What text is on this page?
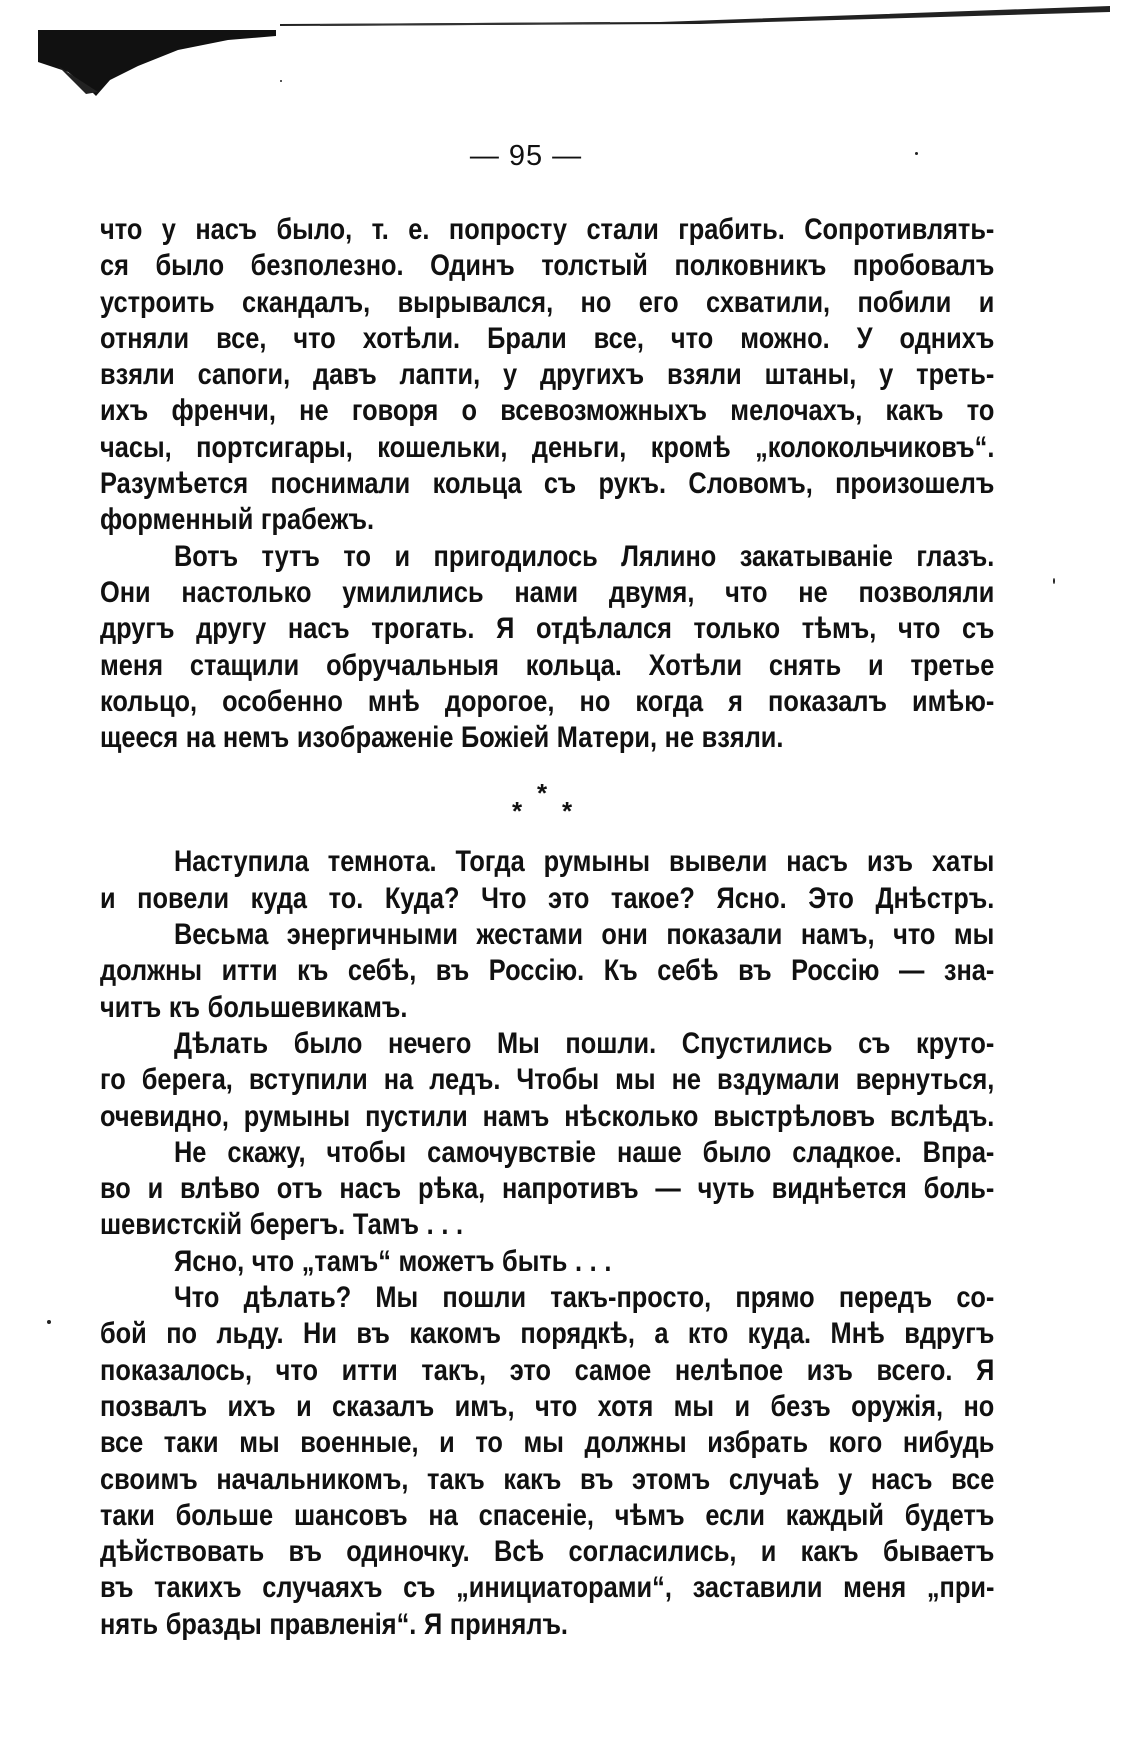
— 95 —
что у насъ было, т. е. попросту стали грабить. Сопротивлять-
ся было безполезно. Одинъ толстый полковникъ пробовалъ
устроить скандалъ, вырывался, но его схватили, побили и
отняли все, что хотѣли. Брали все, что можно. У однихъ
взяли сапоги, давъ лапти, у другихъ взяли штаны, у треть-
ихъ френчи, не говоря о всевозможныхъ мелочахъ, какъ то
часы, портсигары, кошельки, деньги, кромѣ „колокольчиковъ“.
Разумѣется поснимали кольца съ рукъ. Словомъ, произошелъ
форменный грабежъ.
Вотъ тутъ то и пригодилось Лялино закатываніе глазъ.
Они настолько умилились нами двумя, что не позволяли
другъ другу насъ трогать. Я отдѣлался только тѣмъ, что съ
меня стащили обручальныя кольца. Хотѣли снять и третье
кольцо, особенно мнѣ дорогое, но когда я показалъ имѣю-
щееся на немъ изображеніе Божіей Матери, не взяли.
*
*
*
Наступила темнота. Тогда румыны вывели насъ изъ хаты
и повели куда то. Куда? Что это такое? Ясно. Это Днѣстръ.
Весьма энергичными жестами они показали намъ, что мы
должны итти къ себѣ, въ Россію. Къ себѣ въ Россію — зна-
читъ къ большевикамъ.
Дѣлать было нечего Мы пошли. Спустились съ круто-
го берега, вступили на ледъ. Чтобы мы не вздумали вернуться,
очевидно, румыны пустили намъ нѣсколько выстрѣловъ вслѣдъ.
Не скажу, чтобы самочувствіе наше было сладкое. Впра-
во и влѣво отъ насъ рѣка, напротивъ — чуть виднѣется боль-
шевистскій берегъ. Тамъ . . .
Ясно, что „тамъ“ можетъ быть . . .
Что дѣлать? Мы пошли такъ-просто, прямо передъ со-
бой по льду. Ни въ какомъ порядкѣ, а кто куда. Мнѣ вдругъ
показалось, что итти такъ, это самое нелѣпое изъ всего. Я
позвалъ ихъ и сказалъ имъ, что хотя мы и безъ оружія, но
все таки мы военные, и то мы должны избрать кого нибудь
своимъ начальникомъ, такъ какъ въ этомъ случаѣ у насъ все
таки больше шансовъ на спасеніе, чѣмъ если каждый будетъ
дѣйствовать въ одиночку. Всѣ согласились, и какъ бываетъ
въ такихъ случаяхъ съ „инициаторами“, заставили меня „при-
нять бразды правленія“. Я принялъ.
